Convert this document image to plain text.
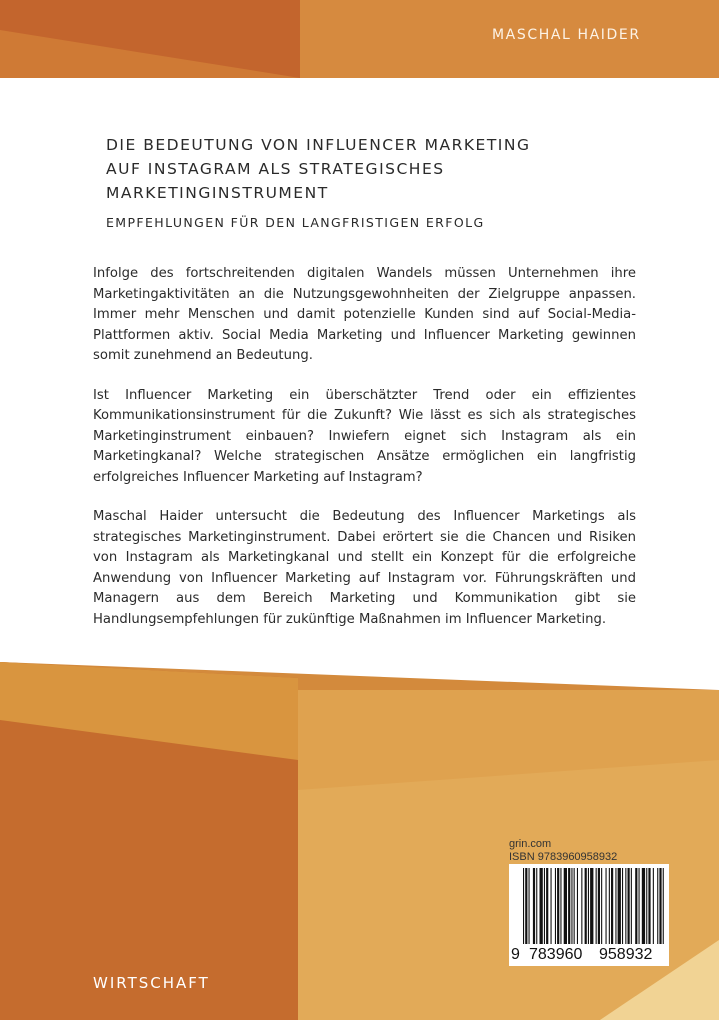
MASCHAL HAIDER
DIE BEDEUTUNG VON INFLUENCER MARKETING
AUF INSTAGRAM ALS STRATEGISCHES
MARKETINGINSTRUMENT
EMPFEHLUNGEN FÜR DEN LANGFRISTIGEN ERFOLG

Infolge des fortschreitenden digitalen Wandels müssen Unternehmen ihre Marketingaktivitäten an die Nutzungsgewohnheiten der Zielgruppe anpassen. Immer mehr Menschen und damit potenzielle Kunden sind auf Social-Media-Plattformen aktiv. Social Media Marketing und Influencer Marketing gewinnen somit zunehmend an Bedeutung.

Ist Influencer Marketing ein überschätzter Trend oder ein effizientes Kommunikationsinstrument für die Zukunft? Wie lässt es sich als strategisches Marketinginstrument einbauen? Inwiefern eignet sich Instagram als ein Marketingkanal? Welche strategischen Ansätze ermöglichen ein langfristig erfolgreiches Influencer Marketing auf Instagram?

Maschal Haider untersucht die Bedeutung des Influencer Marketings als strategisches Marketinginstrument. Dabei erörtert sie die Chancen und Risiken von Instagram als Marketingkanal und stellt ein Konzept für die erfolgreiche Anwendung von Influencer Marketing auf Instagram vor. Führungskräften und Managern aus dem Bereich Marketing und Kommunikation gibt sie Handlungsempfehlungen für zukünftige Maßnahmen im Influencer Marketing.

grin.com
ISBN 9783960958932
9 783960 958932
WIRTSCHAFT
